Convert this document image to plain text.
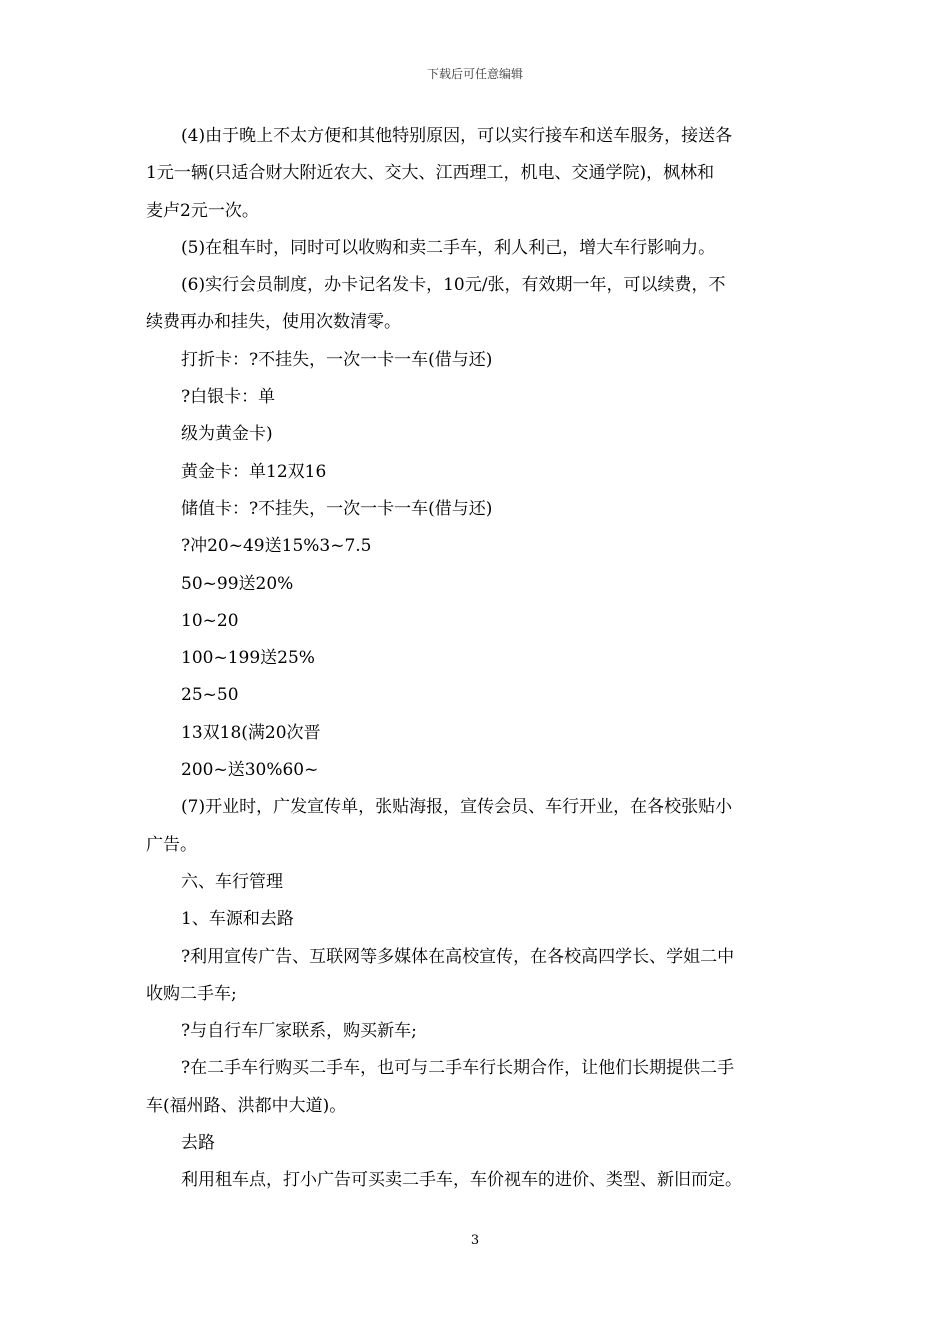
下载后可任意编辑

(4)由于晚上不太方便和其他特别原因，可以实行接车和送车服务，接送各

1元一辆(只适合财大附近农大、交大、江西理工，机电、交通学院)，枫林和

麦卢2元一次。

(5)在租车时，同时可以收购和卖二手车，利人利己，增大车行影响力。

(6)实行会员制度，办卡记名发卡，10元/张，有效期一年，可以续费，不

续费再办和挂失，使用次数清零。

打折卡：?不挂失，一次一卡一车(借与还)

?白银卡：单

级为黄金卡)

黄金卡：单12双16

储值卡：?不挂失，一次一卡一车(借与还)

?冲20~49送15%3~7.5

50~99送20%

10~20

100~199送25%

25~50

13双18(满20次晋

200~送30%60~

(7)开业时，广发宣传单，张贴海报，宣传会员、车行开业，在各校张贴小

广告。

六、车行管理

1、车源和去路

?利用宣传广告、互联网等多媒体在高校宣传，在各校高四学长、学姐二中

收购二手车;

?与自行车厂家联系，购买新车;

?在二手车行购买二手车，也可与二手车行长期合作，让他们长期提供二手

车(福州路、洪都中大道)。

去路

利用租车点，打小广告可买卖二手车，车价视车的进价、类型、新旧而定。

3
